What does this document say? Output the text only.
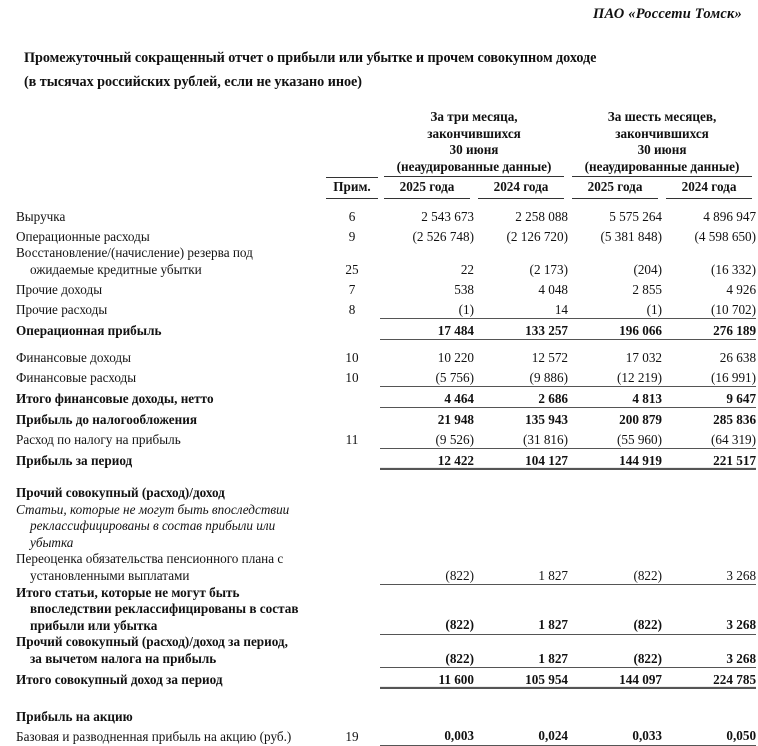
ПАО «Россети Томск»
Промежуточный сокращенный отчет о прибыли или убытке и прочем совокупном доходе
(в тысячах российских рублей, если не указано иное)
		За три месяца,
закончившихся
30 июня

(неаудированные данные)		За шесть месяцев,
закончившихся
30 июня

(неаудированные данные)	

	Прим.	2025 года	2024 года	2025 года	2024 года

Выручка	6	2 543 673	2 258 088	5 575 264	4 896 947
Операционные расходы	9	(2 526 748)	(2 126 720)	(5 381 848)	(4 598 650)
Восстановление/(начисление) резерва под
ожидаемые кредитные убытки	25	22	(2 173)	(204)	(16 332)
Прочие доходы	7	538	4 048	2 855	4 926
Прочие расходы	8	(1)	14	(1)	(10 702)
Операционная прибыль		17 484	133 257	196 066	276 189

Финансовые доходы	10	10 220	12 572	17 032	26 638
Финансовые расходы	10	(5 756)	(9 886)	(12 219)	(16 991)
Итого финансовые доходы, нетто		4 464	2 686	4 813	9 647
Прибыль до налогообложения		21 948	135 943	200 879	285 836
Расход по налогу на прибыль	11	(9 526)	(31 816)	(55 960)	(64 319)
Прибыль за период		12 422	104 127	144 919	221 517

Прочий совокупный (расход)/доход					
Статьи, которые не могут быть впоследствии
реклассифицированы в состав прибыли или
убытка					

Переоценка обязательства пенсионного плана с
установленными выплатами		(822)	1 827	(822)	3 268
Итого статьи, которые не могут быть
впоследствии реклассифицированы в состав
прибыли или убытка		(822)	1 827	(822)	3 268
Прочий совокупный (расход)/доход за период,
за вычетом налога на прибыль		(822)	1 827	(822)	3 268
Итого совокупный доход за период		11 600	105 954	144 097	224 785

Прибыль на акцию					
Базовая и разводненная прибыль на акцию (руб.)	19	0,003	0,024	0,033	0,050
